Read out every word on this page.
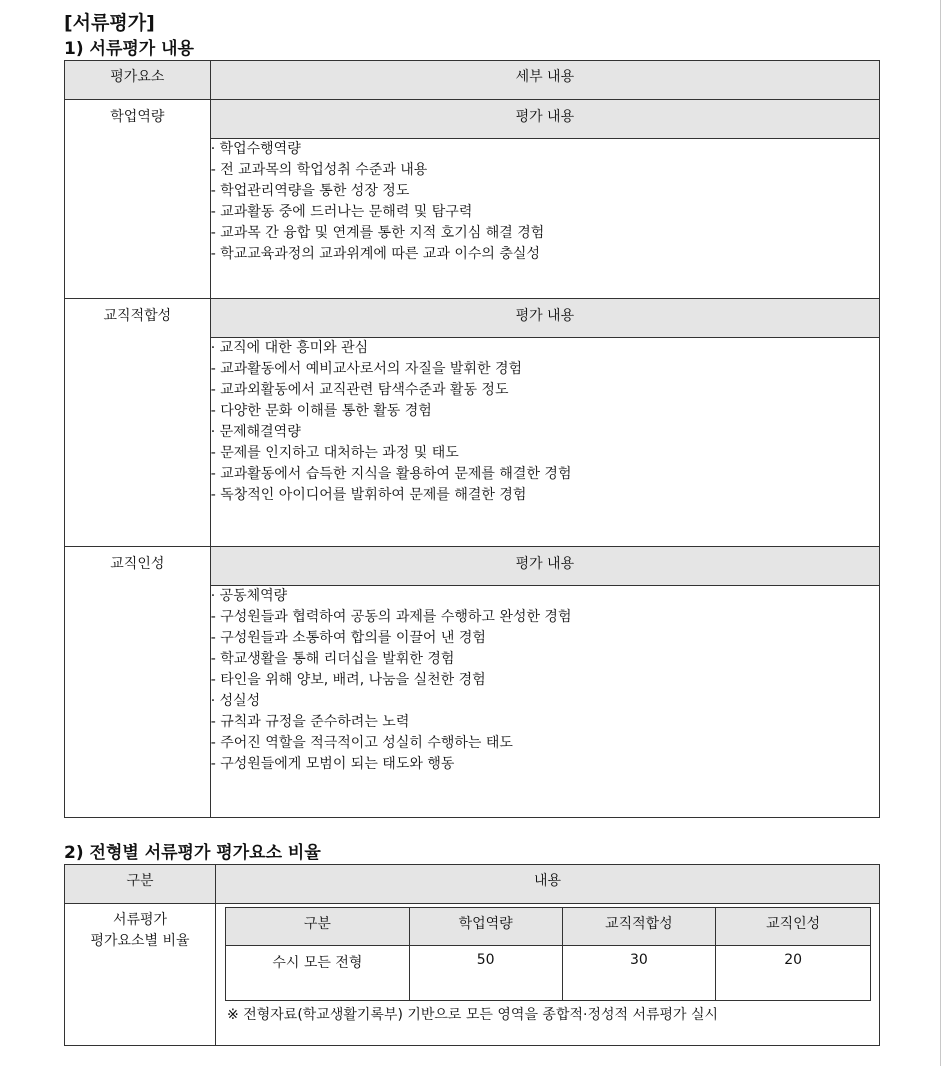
[서류평가]
1) 서류평가 내용
평가요소	세부 내용
학업역량		평가 내용

· 학업수행역량
- 전 교과목의 학업성취 수준과 내용
- 학업관리역량을 통한 성장 정도
- 교과활동 중에 드러나는 문해력 및 탐구력
- 교과목 간 융합 및 연계를 통한 지적 호기심 해결 경험
- 학교교육과정의 교과위계에 따른 교과 이수의 충실성

교직적합성		평가 내용

· 교직에 대한 흥미와 관심
- 교과활동에서 예비교사로서의 자질을 발휘한 경험
- 교과외활동에서 교직관련 탐색수준과 활동 정도
- 다양한 문화 이해를 통한 활동 경험
· 문제해결역량
- 문제를 인지하고 대처하는 과정 및 태도
- 교과활동에서 습득한 지식을 활용하여 문제를 해결한 경험
- 독창적인 아이디어를 발휘하여 문제를 해결한 경험

교직인성		평가 내용

· 공동체역량
- 구성원들과 협력하여 공동의 과제를 수행하고 완성한 경험
- 구성원들과 소통하여 합의를 이끌어 낸 경험
- 학교생활을 통해 리더십을 발휘한 경험
- 타인을 위해 양보, 배려, 나눔을 실천한 경험
· 성실성
- 규칙과 규정을 준수하려는 노력
- 주어진 역할을 적극적이고 성실히 수행하는 태도
- 구성원들에게 모범이 되는 태도와 행동
2) 전형별 서류평가 평가요소 비율
구분	내용

서류평가
평가요소별 비율

구분	학업역량	교직적합성	교직인성
수시 모든 전형	50	30	20
※ 전형자료(학교생활기록부) 기반으로 모든 영역을 종합적·정성적 서류평가 실시
